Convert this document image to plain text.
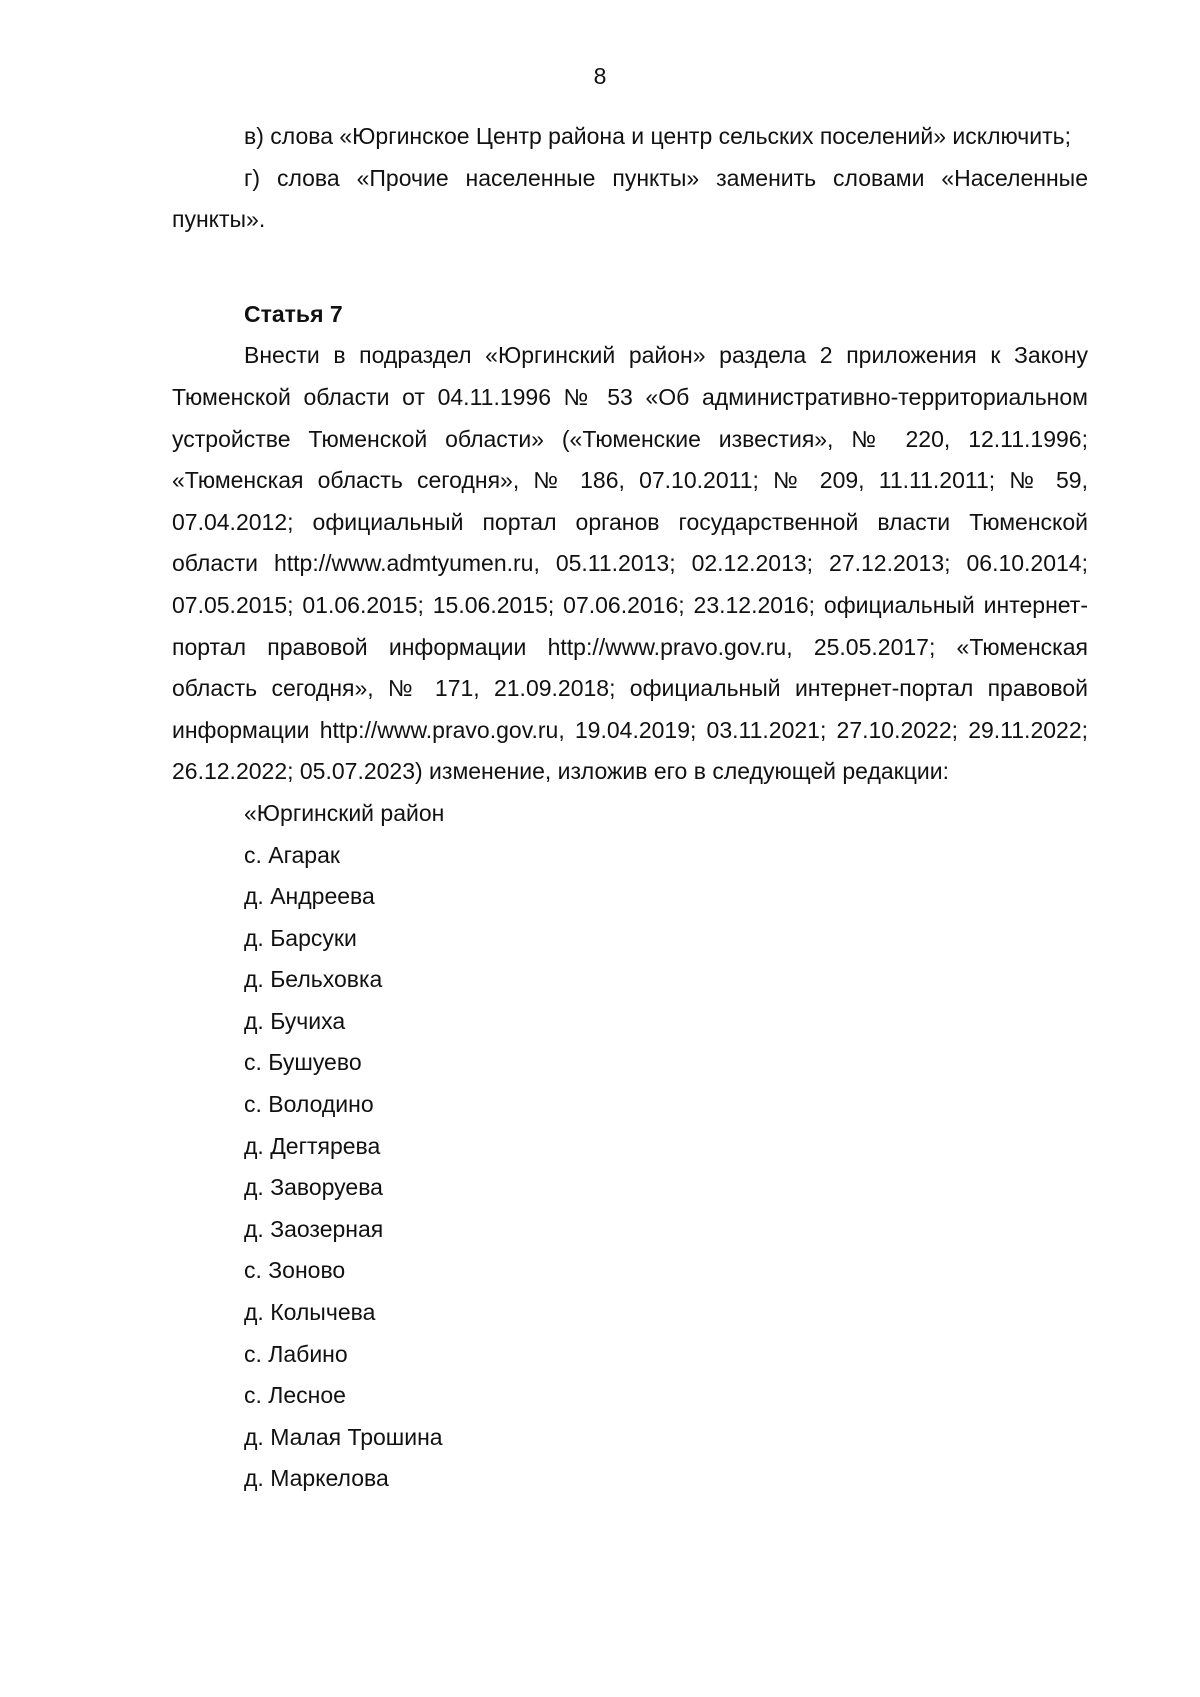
8

в) слова «Юргинское Центр района и центр сельских поселений» исключить;

г) слова «Прочие населенные пункты» заменить словами «Населенные пункты».

Статья 7

Внести в подраздел «Юргинский район» раздела 2 приложения к Закону Тюменской области от 04.11.1996 № 53 «Об административно-территориальном устройстве Тюменской области» («Тюменские известия», № 220, 12.11.1996; «Тюменская область сегодня», № 186, 07.10.2011; № 209, 11.11.2011; № 59, 07.04.2012; официальный портал органов государственной власти Тюменской области http://www.admtyumen.ru, 05.11.2013; 02.12.2013; 27.12.2013; 06.10.2014; 07.05.2015; 01.06.2015; 15.06.2015; 07.06.2016; 23.12.2016; официальный интернет-портал правовой информации http://www.pravo.gov.ru, 25.05.2017; «Тюменская область сегодня», № 171, 21.09.2018; официальный интернет-портал правовой информации http://www.pravo.gov.ru, 19.04.2019; 03.11.2021; 27.10.2022; 29.11.2022; 26.12.2022; 05.07.2023) изменение, изложив его в следующей редакции:

«Юргинский район
с. Агарак
д. Андреева
д. Барсуки
д. Бельховка
д. Бучиха
с. Бушуево
с. Володино
д. Дегтярева
д. Заворуева
д. Заозерная
с. Зоново
д. Колычева
с. Лабино
с. Лесное
д. Малая Трошина
д. Маркелова
